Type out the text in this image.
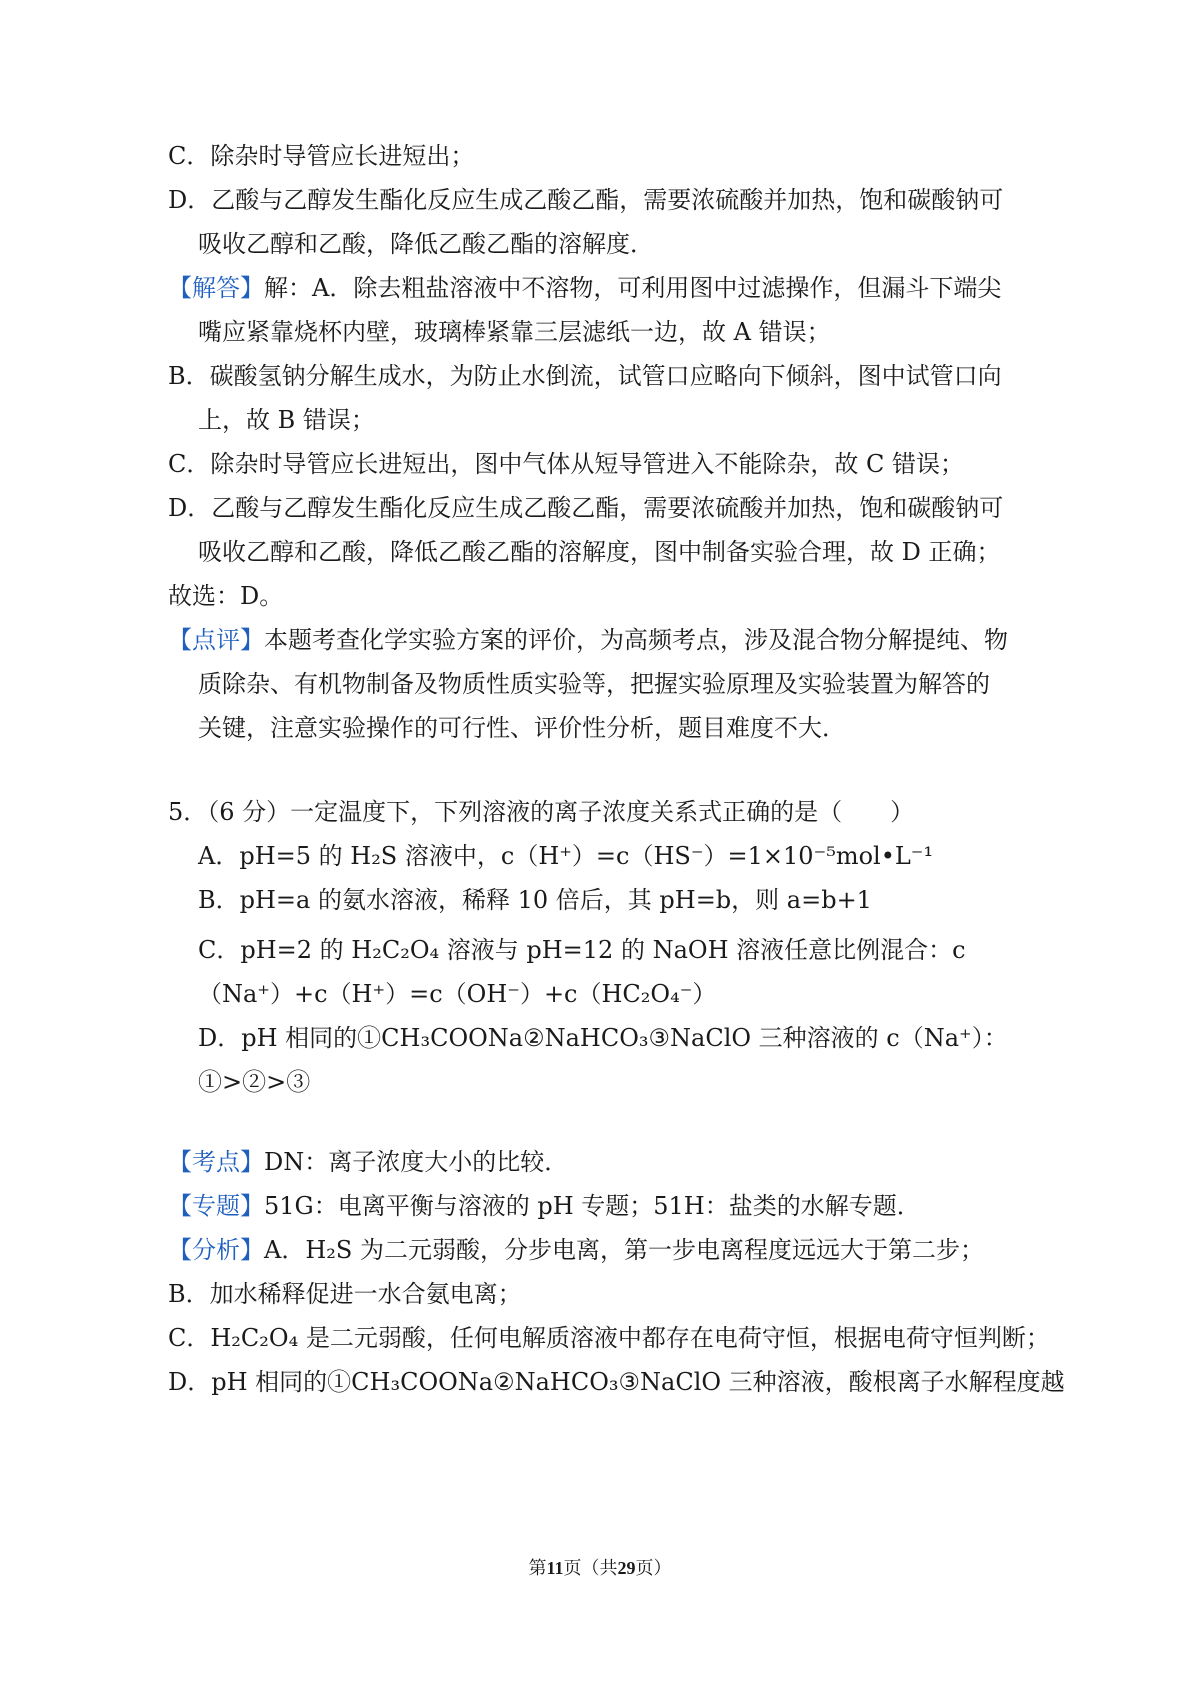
C．除杂时导管应长进短出；
D．乙酸与乙醇发生酯化反应生成乙酸乙酯，需要浓硫酸并加热，饱和碳酸钠可
吸收乙醇和乙酸，降低乙酸乙酯的溶解度．
【解答】解：A．除去粗盐溶液中不溶物，可利用图中过滤操作，但漏斗下端尖
嘴应紧靠烧杯内壁，玻璃棒紧靠三层滤纸一边，故 A 错误；
B．碳酸氢钠分解生成水，为防止水倒流，试管口应略向下倾斜，图中试管口向
上，故 B 错误；
C．除杂时导管应长进短出，图中气体从短导管进入不能除杂，故 C 错误；
D．乙酸与乙醇发生酯化反应生成乙酸乙酯，需要浓硫酸并加热，饱和碳酸钠可
吸收乙醇和乙酸，降低乙酸乙酯的溶解度，图中制备实验合理，故 D 正确；
故选：D。
【点评】本题考查化学实验方案的评价，为高频考点，涉及混合物分解提纯、物
质除杂、有机物制备及物质性质实验等，把握实验原理及实验装置为解答的
关键，注意实验操作的可行性、评价性分析，题目难度不大．
5．（6 分）一定温度下，下列溶液的离子浓度关系式正确的是（　　）
A．pH=5 的 H₂S 溶液中，c（H⁺）=c（HS⁻）=1×10⁻⁵mol•L⁻¹
B．pH=a 的氨水溶液，稀释 10 倍后，其 pH=b，则 a=b+1
C．pH=2 的 H₂C₂O₄ 溶液与 pH=12 的 NaOH 溶液任意比例混合：c（Na⁺）+c（H⁺）=c（OH⁻）+c（HC₂O₄⁻）
D．pH 相同的①CH₃COONa②NaHCO₃③NaClO 三种溶液的 c（Na⁺）：①>②>③
【考点】DN：离子浓度大小的比较．
【专题】51G：电离平衡与溶液的 pH 专题；51H：盐类的水解专题．
【分析】A．H₂S 为二元弱酸，分步电离，第一步电离程度远远大于第二步；
B．加水稀释促进一水合氨电离；
C．H₂C₂O₄ 是二元弱酸，任何电解质溶液中都存在电荷守恒，根据电荷守恒判断；
D．pH 相同的①CH₃COONa②NaHCO₃③NaClO 三种溶液，酸根离子水解程度越
第11页（共29页）
